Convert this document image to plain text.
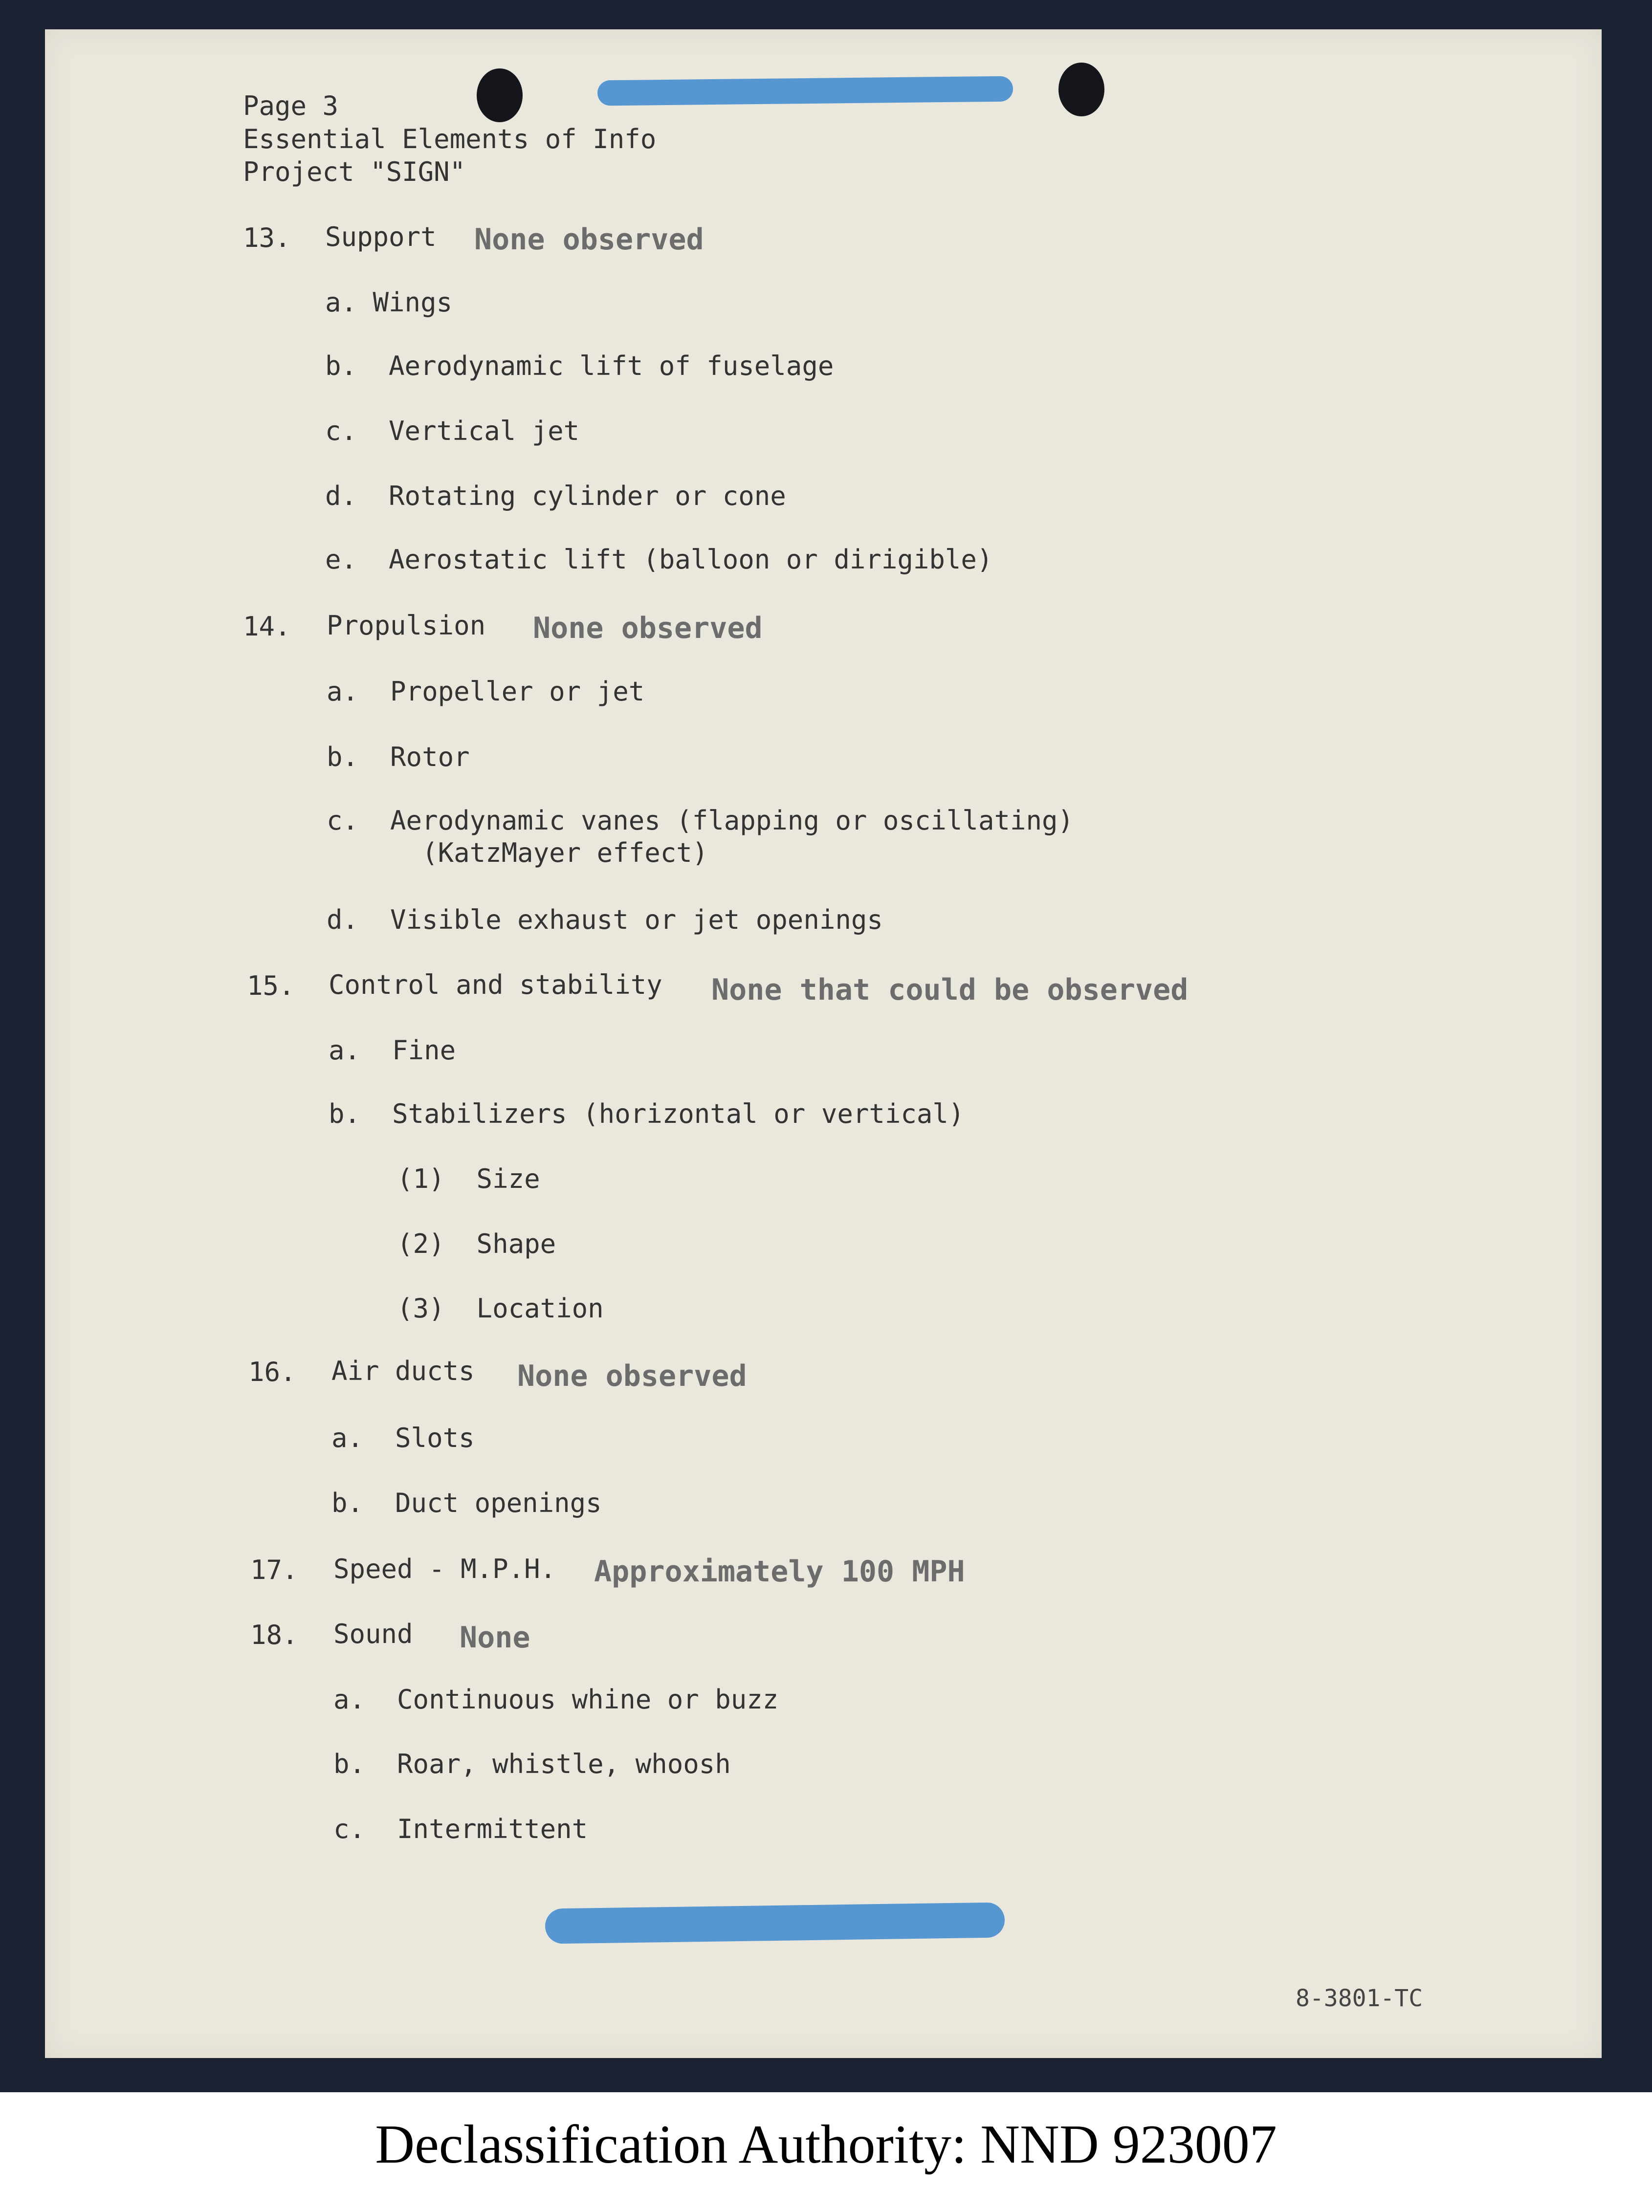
Page 3
Essential Elements of Info
Project "SIGN"
13. Support None observed
a. Wings
b.  Aerodynamic lift of fuselage
c.  Vertical jet
d.  Rotating cylinder or cone
e.  Aerostatic lift (balloon or dirigible)
14. Propulsion None observed
a.  Propeller or jet
b.  Rotor
c.  Aerodynamic vanes (flapping or oscillating)
(KatzMayer effect)
d.  Visible exhaust or jet openings
15. Control and stability None that could be observed
a.  Fine
b.  Stabilizers (horizontal or vertical)
(1)  Size
(2)  Shape
(3)  Location
16. Air ducts None observed
a.  Slots
b.  Duct openings
17. Speed - M.P.H. Approximately 100 MPH
18. Sound None
a.  Continuous whine or buzz
b.  Roar, whistle, whoosh
c.  Intermittent
8-3801-TC
Declassification Authority: NND 923007
